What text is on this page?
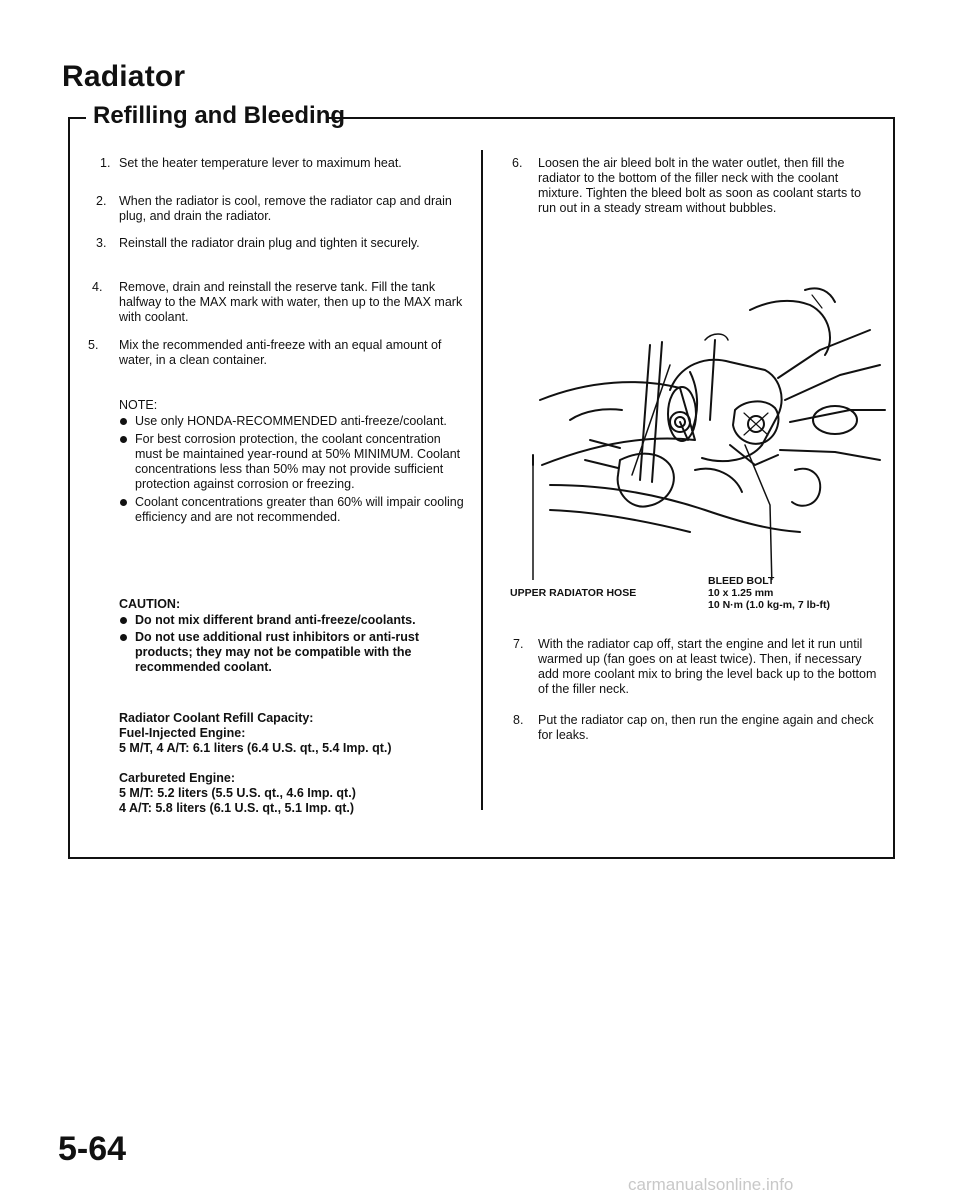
Radiator
Refilling and Bleeding
1. Set the heater temperature lever to maximum heat.
2. When the radiator is cool, remove the radiator cap and drain plug, and drain the radiator.
3. Reinstall the radiator drain plug and tighten it securely.
4. Remove, drain and reinstall the reserve tank. Fill the tank halfway to the MAX mark with water, then up to the MAX mark with coolant.
5. Mix the recommended anti-freeze with an equal amount of water, in a clean container.
NOTE:
Use only HONDA-RECOMMENDED anti-freeze/coolant.
For best corrosion protection, the coolant concentration must be maintained year-round at 50% MINIMUM. Coolant concentrations less than 50% may not provide sufficient protection against corrosion or freezing.
Coolant concentrations greater than 60% will impair cooling efficiency and are not recommended.
CAUTION:
Do not mix different brand anti-freeze/coolants.
Do not use additional rust inhibitors or anti-rust products; they may not be compatible with the recommended coolant.
Radiator Coolant Refill Capacity:
Fuel-Injected Engine:
5 M/T, 4 A/T: 6.1 liters (6.4 U.S. qt., 5.4 Imp. qt.)
Carbureted Engine:
5 M/T: 5.2 liters (5.5 U.S. qt., 4.6 Imp. qt.)
4 A/T: 5.8 liters (6.1 U.S. qt., 5.1 Imp. qt.)
6. Loosen the air bleed bolt in the water outlet, then fill the radiator to the bottom of the filler neck with the coolant mixture. Tighten the bleed bolt as soon as coolant starts to run out in a steady stream without bubbles.
UPPER RADIATOR HOSE
BLEED BOLT
10 x 1.25 mm
10 N·m (1.0 kg-m, 7 lb-ft)
7. With the radiator cap off, start the engine and let it run until warmed up (fan goes on at least twice). Then, if necessary add more coolant mix to bring the level back up to the bottom of the filler neck.
8. Put the radiator cap on, then run the engine again and check for leaks.
5-64
carmanualsonline.info
